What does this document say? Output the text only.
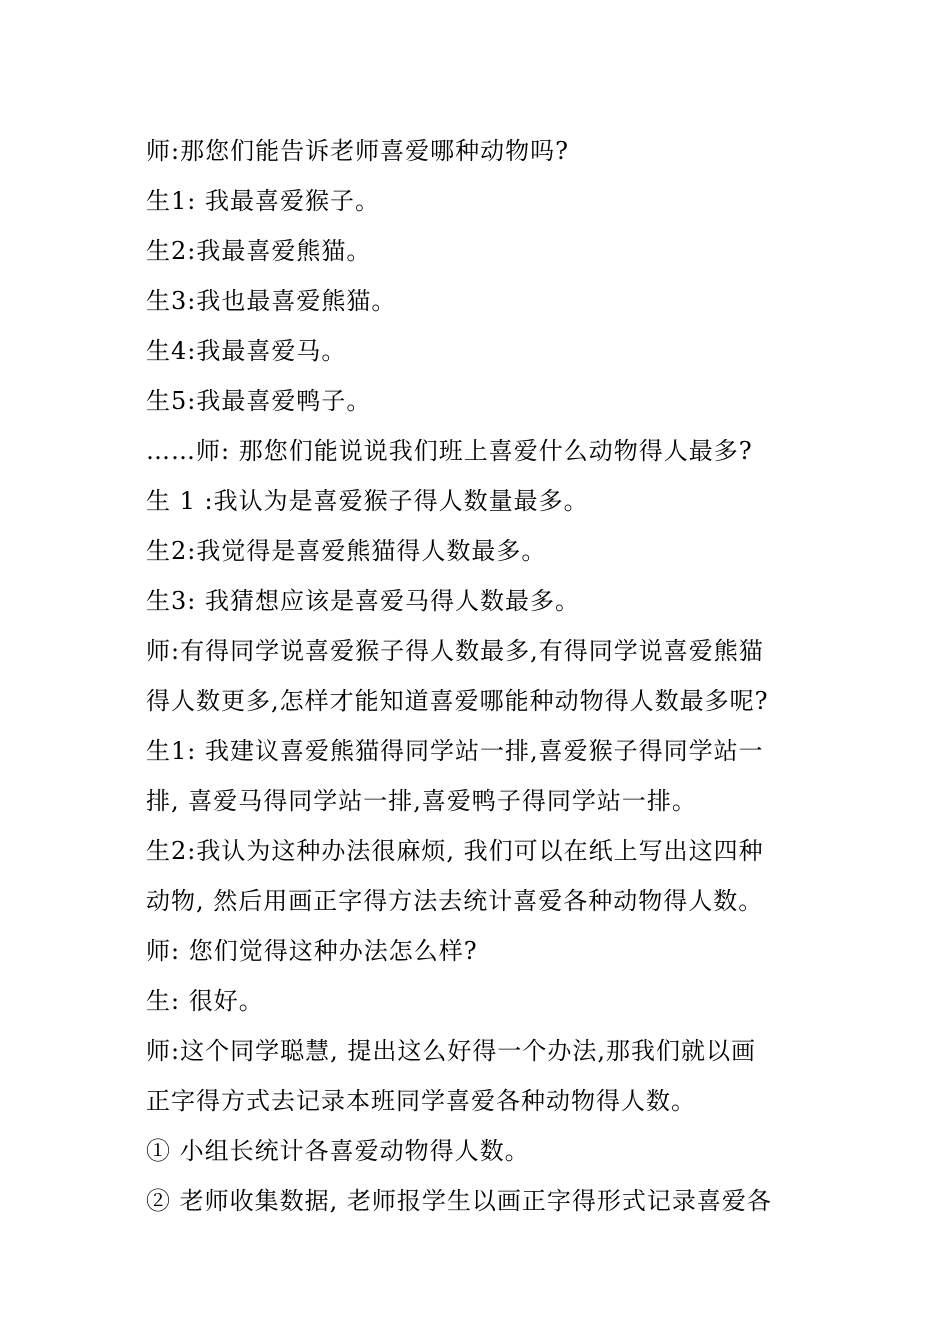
师:那您们能告诉老师喜爱哪种动物吗?
生1: 我最喜爱猴子。
生2:我最喜爱熊猫。
生3:我也最喜爱熊猫。
生4:我最喜爱马。
生5:我最喜爱鸭子。
……师: 那您们能说说我们班上喜爱什么动物得人最多?
生 1 :我认为是喜爱猴子得人数量最多。
生2:我觉得是喜爱熊猫得人数最多。
生3: 我猜想应该是喜爱马得人数最多。
师:有得同学说喜爱猴子得人数最多,有得同学说喜爱熊猫
得人数更多,怎样才能知道喜爱哪能种动物得人数最多呢?
生1: 我建议喜爱熊猫得同学站一排,喜爱猴子得同学站一
排, 喜爱马得同学站一排,喜爱鸭子得同学站一排。
生2:我认为这种办法很麻烦, 我们可以在纸上写出这四种
动物, 然后用画正字得方法去统计喜爱各种动物得人数。
师: 您们觉得这种办法怎么样?
生: 很好。
师:这个同学聪慧, 提出这么好得一个办法,那我们就以画
正字得方式去记录本班同学喜爱各种动物得人数。
① 小组长统计各喜爱动物得人数。
② 老师收集数据, 老师报学生以画正字得形式记录喜爱各
